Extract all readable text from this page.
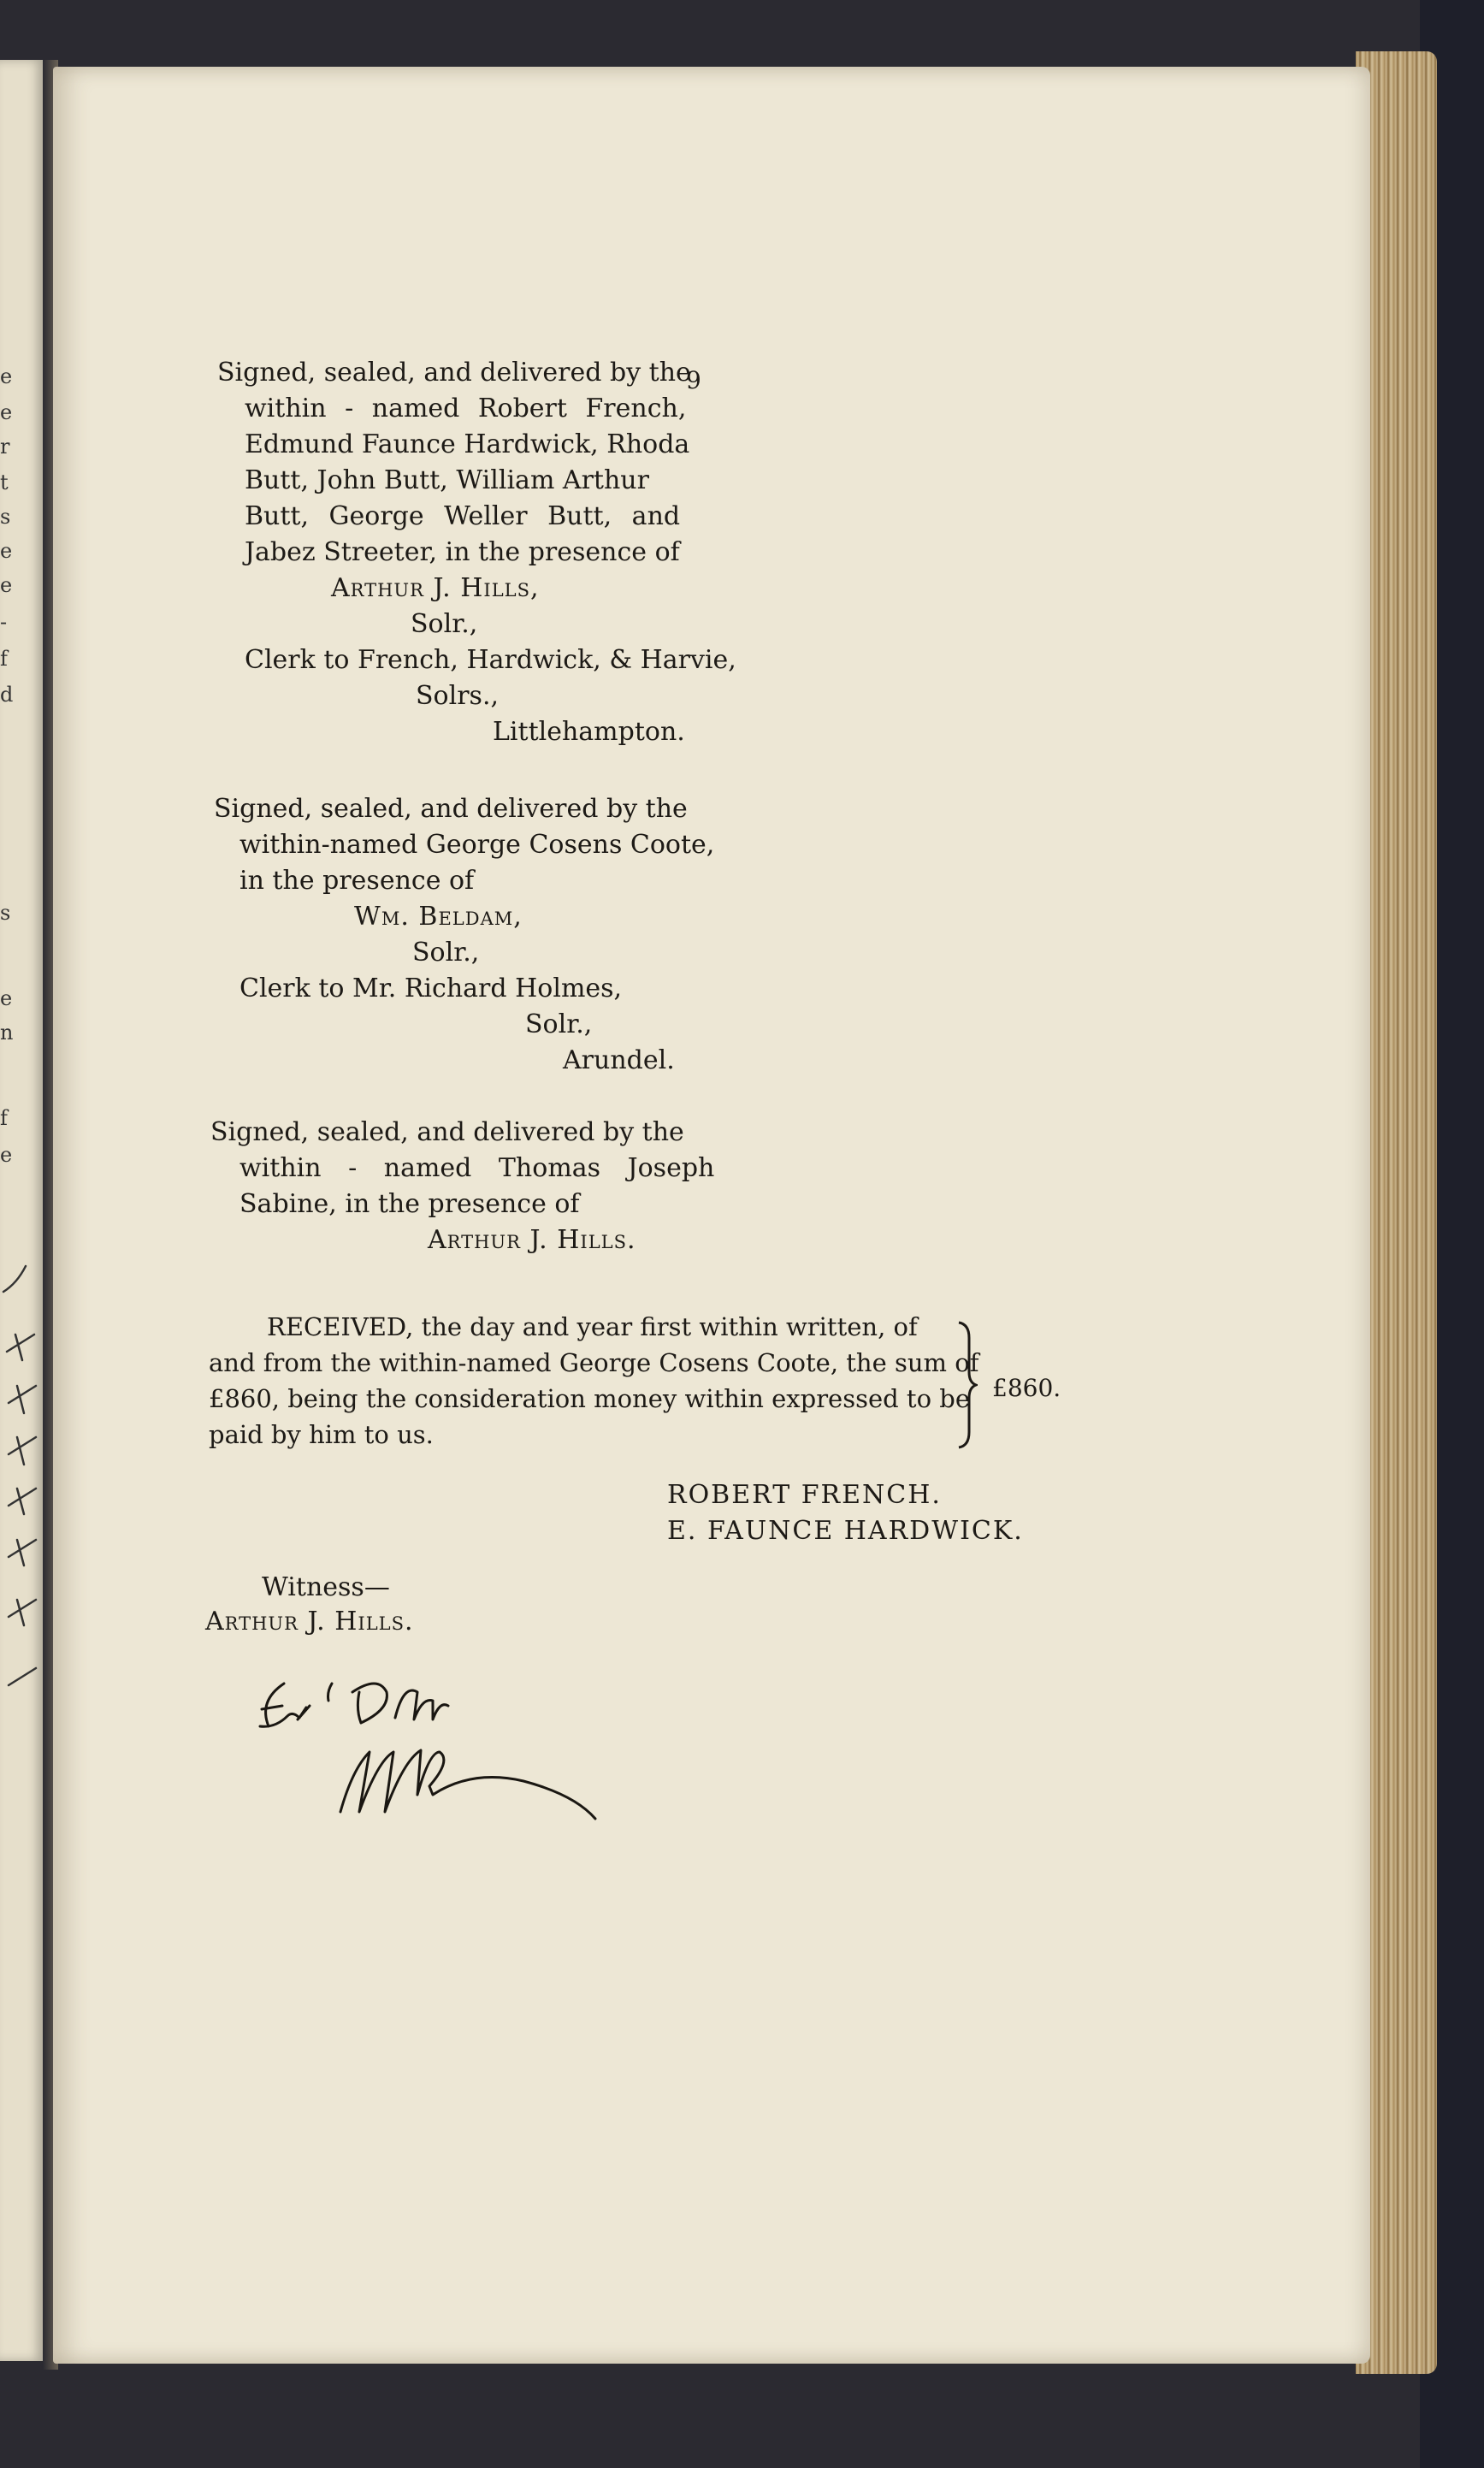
e
e
r
t
s
e
e
-
f
d
s
e
n
f
e
9
Signed, sealed, and delivered by the
within - named Robert French,
Edmund Faunce Hardwick, Rhoda
Butt, John Butt, William Arthur
Butt, George Weller Butt, and
Jabez Streeter, in the presence of
Arthur J. Hills,
Solr.,
Clerk to French, Hardwick, & Harvie,
Solrs.,
Littlehampton.
Signed, sealed, and delivered by the
within-named George Cosens Coote,
in the presence of
Wm. Beldam,
Solr.,
Clerk to Mr. Richard Holmes,
Solr.,
Arundel.
Signed, sealed, and delivered by the
within - named Thomas Joseph
Sabine, in the presence of
Arthur J. Hills.
RECEIVED, the day and year first within written, of
and from the within-named George Cosens Coote, the sum of
£860, being the consideration money within expressed to be
paid by him to us.
£860.
ROBERT FRENCH.
E. FAUNCE HARDWICK.
Witness—
Arthur J. Hills.
